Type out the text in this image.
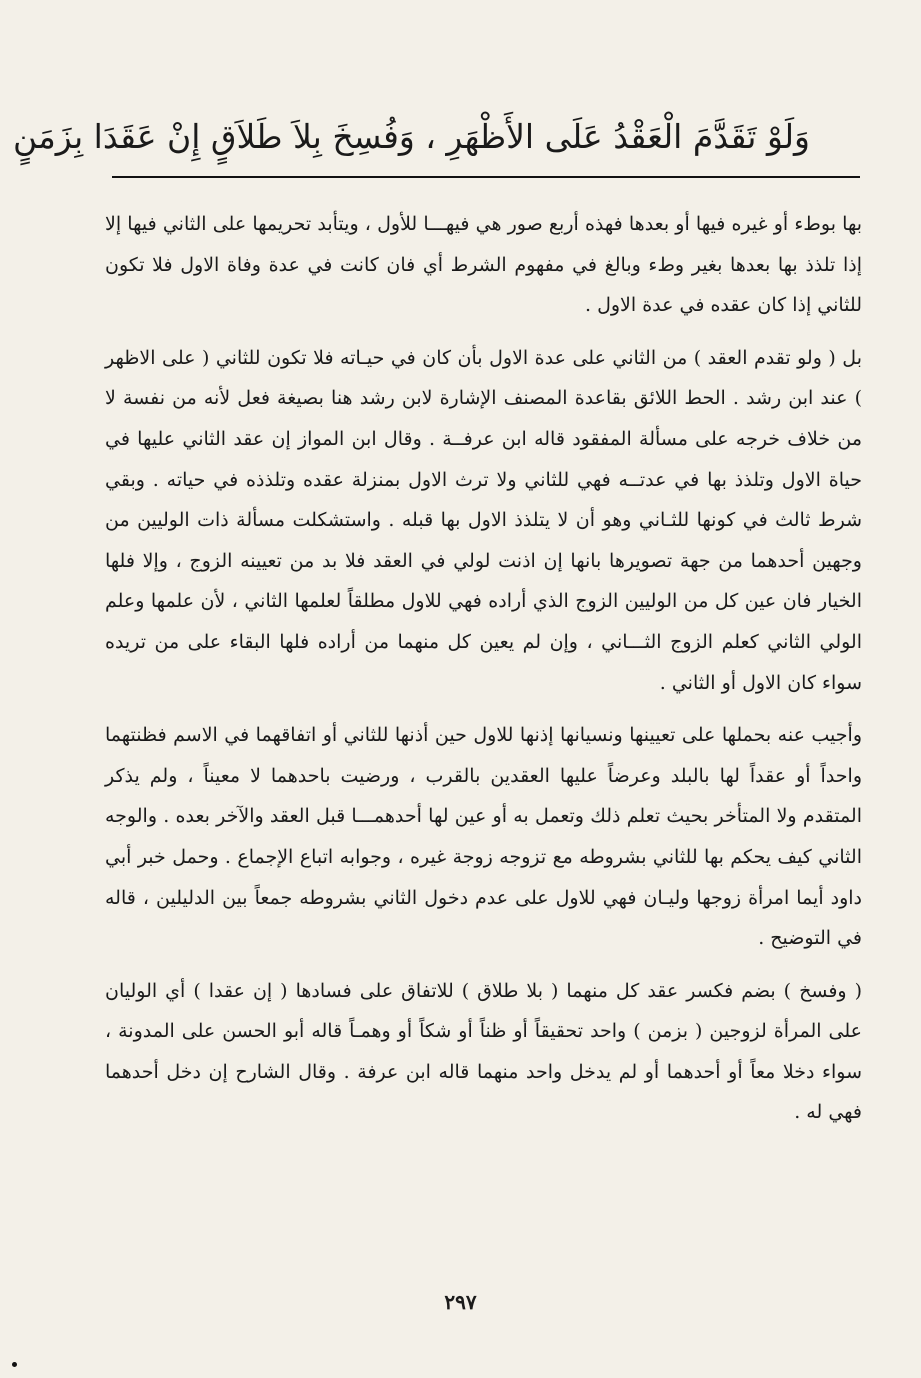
وَلَوْ تَقَدَّمَ الْعَقْدُ عَلَى الأَظْهَرِ ، وَفُسِخَ بِلاَ طَلاَقٍ إِنْ عَقَدَا بِزَمَنٍ

بها بوطء أو غيره فيها أو بعدها فهذه أربع صور هي فيهـــا للأول ، ويتأبد تحريمها على الثاني فيها إلا إذا تلذذ بها بعدها بغير وطء وبالغ في مفهوم الشرط أي فان كانت في عدة وفاة الاول فلا تكون للثاني إذا كان عقده في عدة الاول .

بل ( ولو تقدم العقد ) من الثاني على عدة الاول بأن كان في حيـاته فلا تكون للثاني ( على الاظهر ) عند ابن رشد . الحط اللائق بقاعدة المصنف الإشارة لابن رشد هنا بصيغة فعل لأنه من نفسة لا من خلاف خرجه على مسألة المفقود قاله ابن عرفــة . وقال ابن المواز إن عقد الثاني عليها في حياة الاول وتلذذ بها في عدتــه فهي للثاني ولا ترث الاول بمنزلة عقده وتلذذه في حياته . وبقي شرط ثالث في كونها للثـاني وهو أن لا يتلذذ الاول بها قبله . واستشكلت مسألة ذات الوليين من وجهين أحدهما من جهة تصويرها بانها إن اذنت لولي في العقد فلا بد من تعيينه الزوج ، وإلا فلها الخيار فان عين كل من الوليين الزوج الذي أراده فهي للاول مطلقاً لعلمها الثاني ، لأن علمها وعلم الولي الثاني كعلم الزوج الثـــاني ، وإن لم يعين كل منهما من أراده فلها البقاء على من تريده سواء كان الاول أو الثاني .

وأجيب عنه بحملها على تعيينها ونسيانها إذنها للاول حين أذنها للثاني أو اتفاقهما في الاسم فظنتهما واحداً أو عقداً لها بالبلد وعرضاً عليها العقدين بالقرب ، ورضيت باحدهما لا معيناً ، ولم يذكر المتقدم ولا المتأخر بحيث تعلم ذلك وتعمل به أو عين لها أحدهمـــا قبل العقد والآخر بعده . والوجه الثاني كيف يحكم بها للثاني بشروطه مع تزوجه زوجة غيره ، وجوابه اتباع الإجماع . وحمل خبر أبي داود أيما امرأة زوجها وليـان فهي للاول على عدم دخول الثاني بشروطه جمعاً بين الدليلين ، قاله في التوضيح .

( وفسخ ) بضم فكسر عقد كل منهما ( بلا طلاق ) للاتفاق على فسادها ( إن عقدا ) أي الوليان على المرأة لزوجين ( بزمن ) واحد تحقيقاً أو ظناً أو شكاً أو وهمـاً قاله أبو الحسن على المدونة ، سواء دخلا معاً أو أحدهما أو لم يدخل واحد منهما قاله ابن عرفة . وقال الشارح إن دخل أحدهما فهي له .

٢٩٧
